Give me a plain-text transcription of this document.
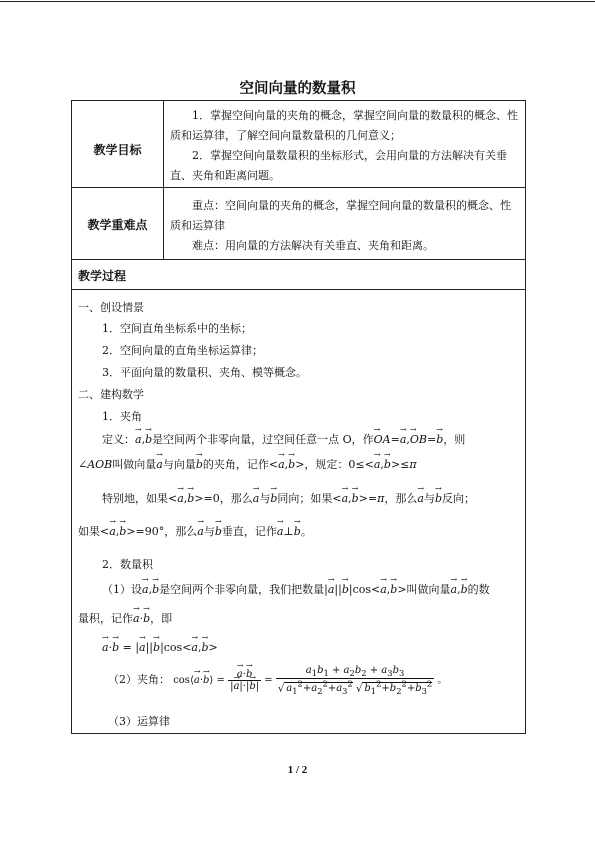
空间向量的数量积
教学目标

1．掌握空间向量的夹角的概念，掌握空间向量的数量积的概念、性质和运算律，了解空间向量数量积的几何意义；

2．掌握空间向量数量积的坐标形式，会用向量的方法解决有关垂直、夹角和距离问题。

教学重难点

重点：空间向量的夹角的概念，掌握空间向量的数量积的概念、性质和运算律

难点：用向量的方法解决有关垂直、夹角和距离。

教学过程
一、创设情景
1．空间直角坐标系中的坐标；
2．空间向量的直角坐标运算律；
3．平面向量的数量积、夹角、模等概念。
二、建构数学
1．夹角
定义：→ a,→ b是空间两个非零向量，过空间任意一点 O，作→ OA=→ a,→ OB=→ b，则
∠AOB叫做向量→ a与向量→ b的夹角，记作<→ a,→ b>，规定：0≤<→ a,→ b>≤π
特别地，如果<→ a,→ b>=0，那么→ a与→ b同向；如果<→ a,→ b>=π，那么→ a与→ b反向；
如果<→ a,→ b>=90°，那么→ a与→ b垂直，记作→ a⊥→ b。
2．数量积
（1）设→ a,→ b是空间两个非零向量，我们把数量|→ a||→ b|cos<→ a,→ b>叫做向量→ a,→ b的数
量积，记作→ a·→ b，即
→ a·→ b = |→ a||→ b|cos<→ a,→ b>
（2）夹角： cos⟨→ a·→ b⟩ =
→ $\frac{a\cdot\to b}{|\to a|\cdot|\to b|} = \frac{a_1b_1 + a_2b_2 + a_3b_3}{√ a_1^2+a_2^2+a_3^2 √ b_1^2+b_2^2+b_3^2}$ 。
（3）运算律
1 / 2
